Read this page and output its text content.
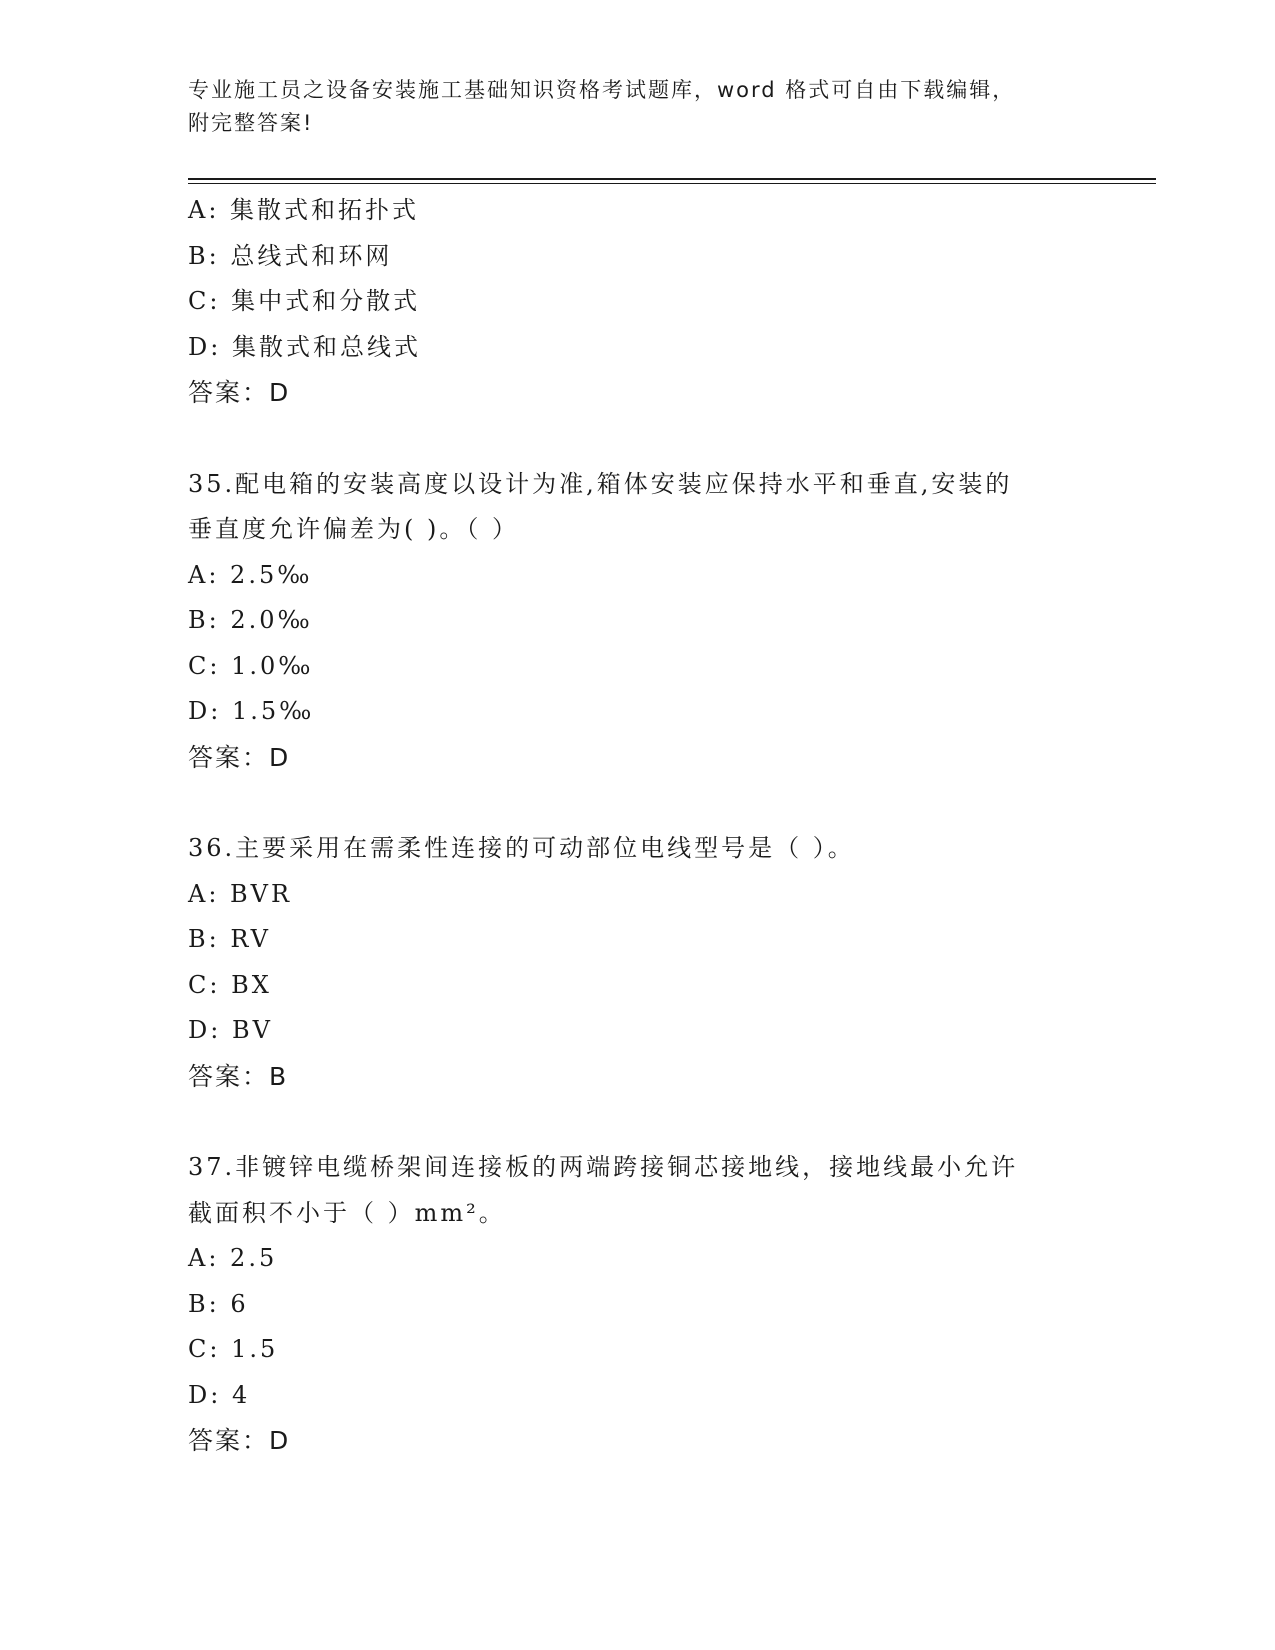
专业施工员之设备安装施工基础知识资格考试题库，word 格式可自由下载编辑，
附完整答案!
A: 集散式和拓扑式
B: 总线式和环网
C: 集中式和分散式
D: 集散式和总线式
答案：D
35.配电箱的安装高度以设计为准,箱体安装应保持水平和垂直,安装的
垂直度允许偏差为( )。（ ）
A: 2.5‰
B: 2.0‰
C: 1.0‰
D: 1.5‰
答案：D
36.主要采用在需柔性连接的可动部位电线型号是（ ）。
A: BVR
B: RV
C: BX
D: BV
答案：B
37.非镀锌电缆桥架间连接板的两端跨接铜芯接地线，接地线最小允许
截面积不小于（ ）mm²。
A: 2.5
B: 6
C: 1.5
D: 4
答案：D
